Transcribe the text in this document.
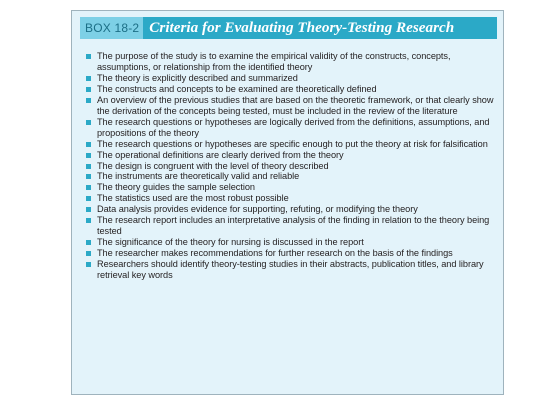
BOX 18-2 Criteria for Evaluating Theory-Testing Research
The purpose of the study is to examine the empirical validity of the constructs, concepts, assumptions, or relationship from the identified theory
The theory is explicitly described and summarized
The constructs and concepts to be examined are theoretically defined
An overview of the previous studies that are based on the theoretic framework, or that clearly show the derivation of the concepts being tested, must be included in the review of the literature
The research questions or hypotheses are logically derived from the definitions, assumptions, and propositions of the theory
The research questions or hypotheses are specific enough to put the theory at risk for falsification
The operational definitions are clearly derived from the theory
The design is congruent with the level of theory described
The instruments are theoretically valid and reliable
The theory guides the sample selection
The statistics used are the most robust possible
Data analysis provides evidence for supporting, refuting, or modifying the theory
The research report includes an interpretative analysis of the finding in relation to the theory being tested
The significance of the theory for nursing is discussed in the report
The researcher makes recommendations for further research on the basis of the findings
Researchers should identify theory-testing studies in their abstracts, publication titles, and library retrieval key words
